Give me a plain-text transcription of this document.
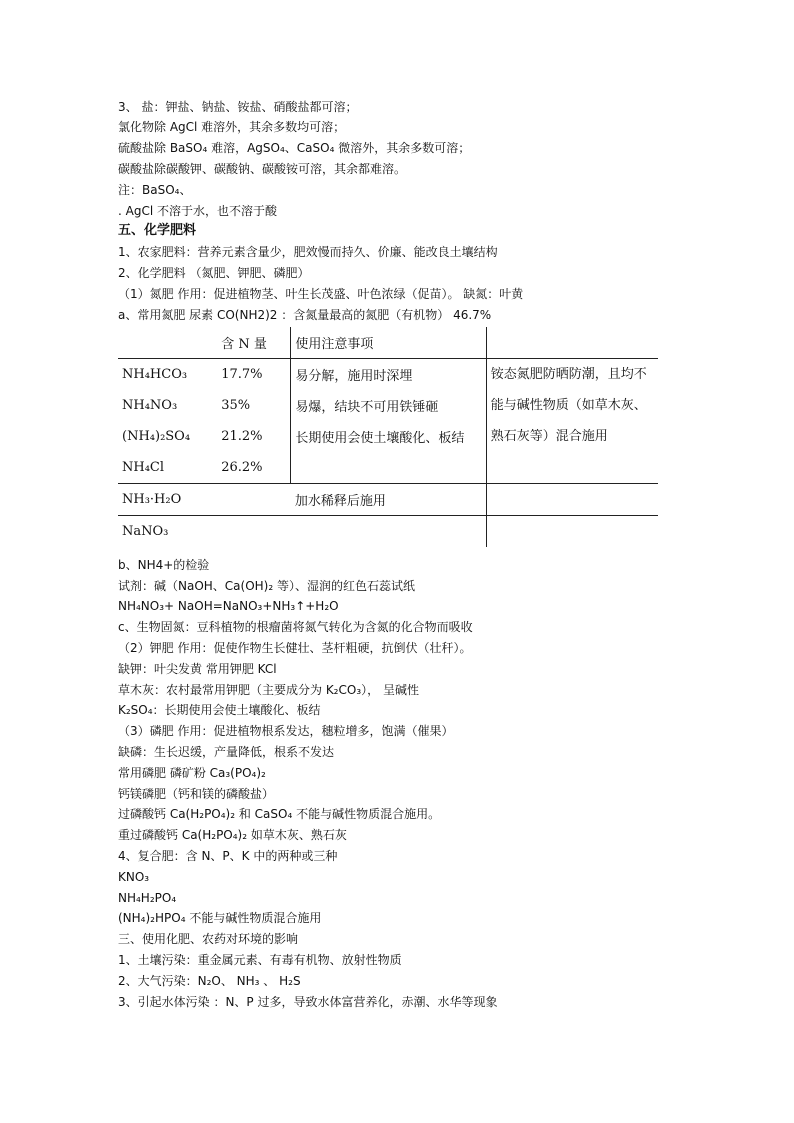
3、 盐：钾盐、钠盐、铵盐、硝酸盐都可溶；
氯化物除 AgCl 难溶外，其余多数均可溶；
硫酸盐除 BaSO₄ 难溶，AgSO₄、CaSO₄ 微溶外，其余多数可溶；
碳酸盐除碳酸钾、碳酸钠、碳酸铵可溶，其余都难溶。
注：BaSO₄、
. AgCl 不溶于水，也不溶于酸
五、化学肥料
1、农家肥料：营养元素含量少，肥效慢而持久、价廉、能改良土壤结构
2、化学肥料 （氮肥、钾肥、磷肥）
（1）氮肥 作用：促进植物茎、叶生长茂盛、叶色浓绿（促苗）。 缺氮：叶黄
a、常用氮肥 尿素 CO(NH2)2 ：含氮量最高的氮肥（有机物） 46.7%
	含 N 量	使用注意事项	
NH₄HCO₃	17.7%	易分解，施用时深埋	铵态氮肥防晒防潮，且均不能与碱性物质（如草木灰、熟石灰等）混合施用
NH₄NO₃	35%	易爆，结块不可用铁锤砸	
(NH₄)₂SO₄	21.2%	长期使用会使土壤酸化、板结	
NH₄Cl	26.2%		
NH₃·H₂O		加水稀释后施用	
NaNO₃			
b、NH4+的检验
试剂：碱（NaOH、Ca(OH)₂ 等）、湿润的红色石蕊试纸
NH₄NO₃+ NaOH=NaNO₃+NH₃↑+H₂O
c、生物固氮：豆科植物的根瘤菌将氮气转化为含氮的化合物而吸收
（2）钾肥 作用：促使作物生长健壮、茎杆粗硬，抗倒伏（壮秆）。
缺钾：叶尖发黄 常用钾肥 KCl
草木灰：农村最常用钾肥（主要成分为 K₂CO₃）， 呈碱性
K₂SO₄：长期使用会使土壤酸化、板结
（3）磷肥 作用：促进植物根系发达，穗粒增多，饱满（催果）
缺磷：生长迟缓，产量降低，根系不发达
常用磷肥 磷矿粉 Ca₃(PO₄)₂
钙镁磷肥（钙和镁的磷酸盐）
过磷酸钙 Ca(H₂PO₄)₂ 和 CaSO₄ 不能与碱性物质混合施用。
重过磷酸钙 Ca(H₂PO₄)₂ 如草木灰、熟石灰
4、复合肥：含 N、P、K 中的两种或三种
KNO₃
NH₄H₂PO₄
(NH₄)₂HPO₄ 不能与碱性物质混合施用
三、使用化肥、农药对环境的影响
1、土壤污染：重金属元素、有毒有机物、放射性物质
2、大气污染：N₂O、 NH₃ 、 H₂S
3、引起水体污染 ：N、P 过多，导致水体富营养化，赤潮、水华等现象
